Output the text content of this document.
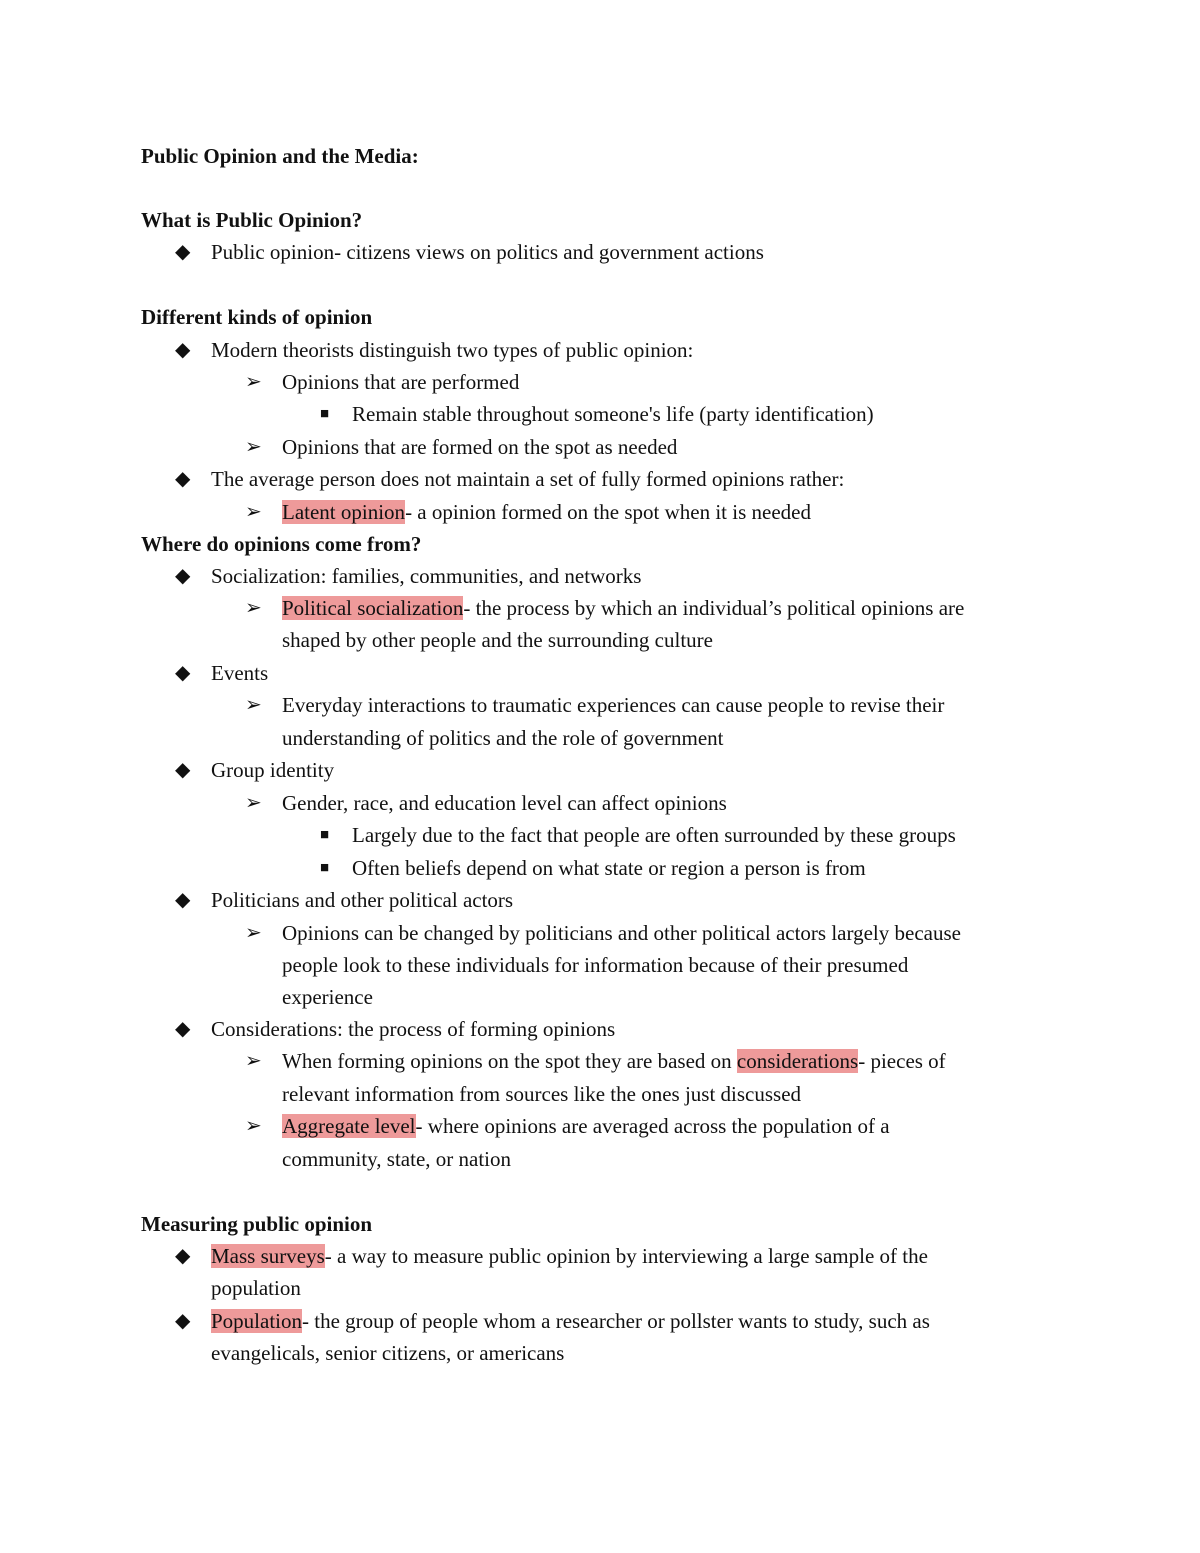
Public Opinion and the Media:
What is Public Opinion?
◆ Public opinion- citizens views on politics and government actions
Different kinds of opinion
◆ Modern theorists distinguish two types of public opinion:
➢ Opinions that are performed
■ Remain stable throughout someone's life (party identification)
➢ Opinions that are formed on the spot as needed
◆ The average person does not maintain a set of fully formed opinions rather:
➢ Latent opinion- a opinion formed on the spot when it is needed
Where do opinions come from?
◆ Socialization: families, communities, and networks
➢ Political socialization- the process by which an individual’s political opinions are
shaped by other people and the surrounding culture
◆ Events
➢ Everyday interactions to traumatic experiences can cause people to revise their
understanding of politics and the role of government
◆ Group identity
➢ Gender, race, and education level can affect opinions
■ Largely due to the fact that people are often surrounded by these groups
■ Often beliefs depend on what state or region a person is from
◆ Politicians and other political actors
➢ Opinions can be changed by politicians and other political actors largely because
people look to these individuals for information because of their presumed
experience
◆ Considerations: the process of forming opinions
➢ When forming opinions on the spot they are based on considerations- pieces of
relevant information from sources like the ones just discussed
➢ Aggregate level- where opinions are averaged across the population of a
community, state, or nation
Measuring public opinion
◆ Mass surveys- a way to measure public opinion by interviewing a large sample of the
population
◆ Population- the group of people whom a researcher or pollster wants to study, such as
evangelicals, senior citizens, or americans
